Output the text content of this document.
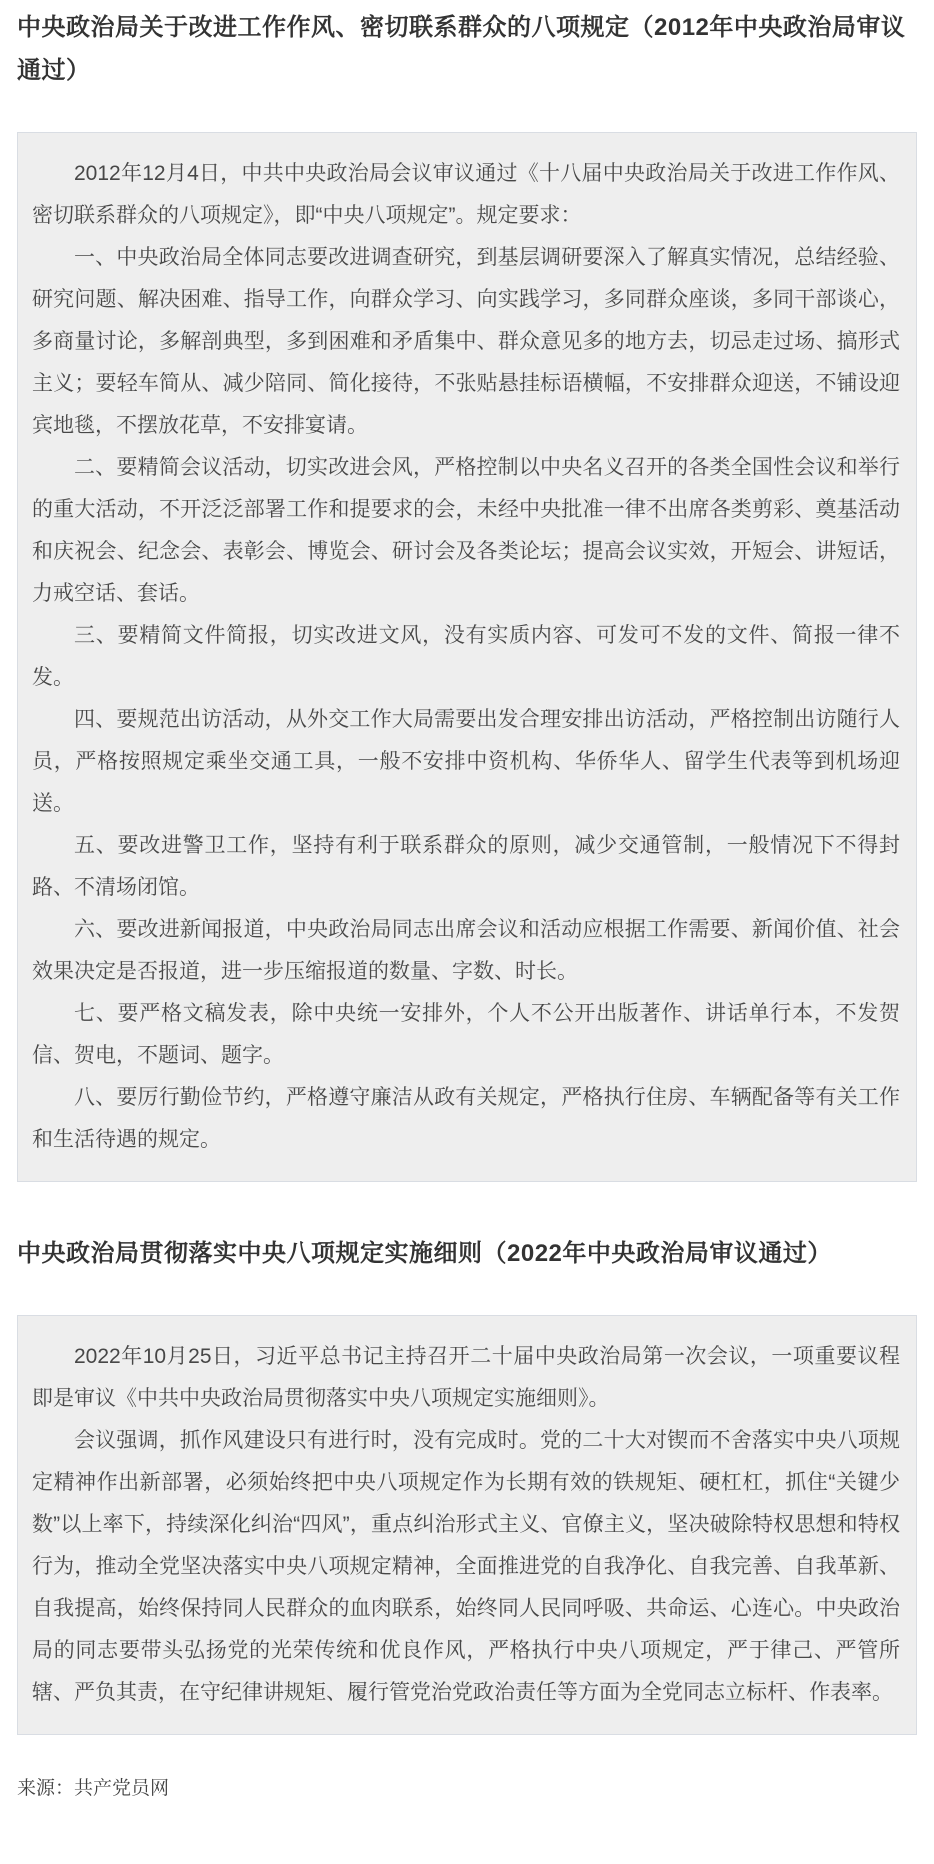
中央政治局关于改进工作作风、密切联系群众的八项规定（2012年中央政治局审议通过）

2012年12月4日，中共中央政治局会议审议通过《十八届中央政治局关于改进工作作风、密切联系群众的八项规定》，即“中央八项规定”。规定要求：

一、中央政治局全体同志要改进调查研究，到基层调研要深入了解真实情况，总结经验、研究问题、解决困难、指导工作，向群众学习、向实践学习，多同群众座谈，多同干部谈心，多商量讨论，多解剖典型，多到困难和矛盾集中、群众意见多的地方去，切忌走过场、搞形式主义；要轻车简从、减少陪同、简化接待，不张贴悬挂标语横幅，不安排群众迎送，不铺设迎宾地毯，不摆放花草，不安排宴请。

二、要精简会议活动，切实改进会风，严格控制以中央名义召开的各类全国性会议和举行的重大活动，不开泛泛部署工作和提要求的会，未经中央批准一律不出席各类剪彩、奠基活动和庆祝会、纪念会、表彰会、博览会、研讨会及各类论坛；提高会议实效，开短会、讲短话，力戒空话、套话。

三、要精简文件简报，切实改进文风，没有实质内容、可发可不发的文件、简报一律不发。

四、要规范出访活动，从外交工作大局需要出发合理安排出访活动，严格控制出访随行人员，严格按照规定乘坐交通工具，一般不安排中资机构、华侨华人、留学生代表等到机场迎送。

五、要改进警卫工作，坚持有利于联系群众的原则，减少交通管制，一般情况下不得封路、不清场闭馆。

六、要改进新闻报道，中央政治局同志出席会议和活动应根据工作需要、新闻价值、社会效果决定是否报道，进一步压缩报道的数量、字数、时长。

七、要严格文稿发表，除中央统一安排外，个人不公开出版著作、讲话单行本，不发贺信、贺电，不题词、题字。

八、要厉行勤俭节约，严格遵守廉洁从政有关规定，严格执行住房、车辆配备等有关工作和生活待遇的规定。

中央政治局贯彻落实中央八项规定实施细则（2022年中央政治局审议通过）

2022年10月25日，习近平总书记主持召开二十届中央政治局第一次会议，一项重要议程即是审议《中共中央政治局贯彻落实中央八项规定实施细则》。

会议强调，抓作风建设只有进行时，没有完成时。党的二十大对锲而不舍落实中央八项规定精神作出新部署，必须始终把中央八项规定作为长期有效的铁规矩、硬杠杠，抓住“关键少数”以上率下，持续深化纠治“四风”，重点纠治形式主义、官僚主义，坚决破除特权思想和特权行为，推动全党坚决落实中央八项规定精神，全面推进党的自我净化、自我完善、自我革新、自我提高，始终保持同人民群众的血肉联系，始终同人民同呼吸、共命运、心连心。中央政治局的同志要带头弘扬党的光荣传统和优良作风，严格执行中央八项规定，严于律己、严管所辖、严负其责，在守纪律讲规矩、履行管党治党政治责任等方面为全党同志立标杆、作表率。

来源：共产党员网
